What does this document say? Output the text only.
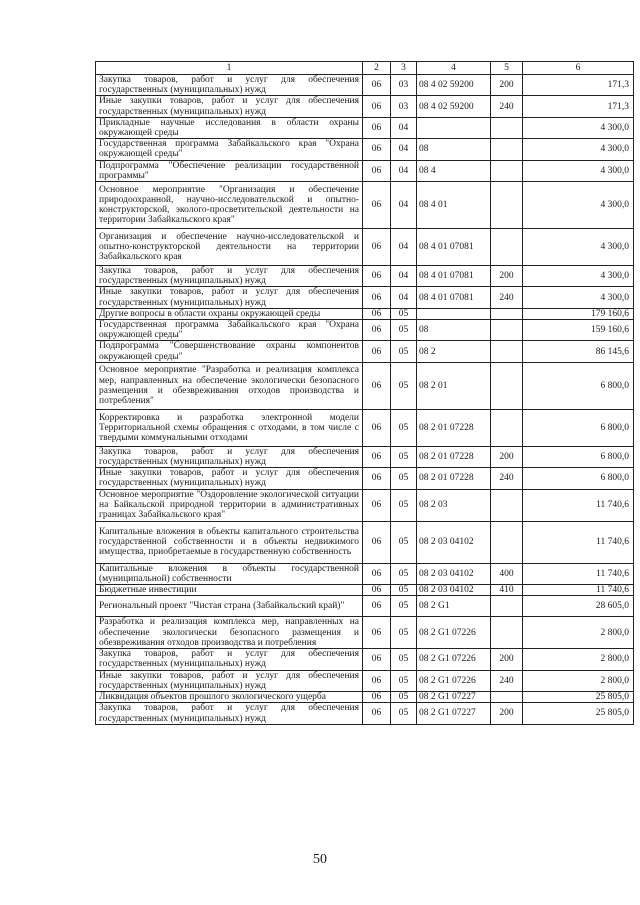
1	2	3	4	5	6
Закупка товаров, работ и услуг для обеспечения государственных (муниципальных) нужд	06	03	08 4 02 59200	200	171,3
Иные закупки товаров, работ и услуг для обеспечения государственных (муниципальных) нужд	06	03	08 4 02 59200	240	171,3
Прикладные научные исследования в области охраны окружающей среды	06	04			4 300,0
Государственная программа Забайкальского края "Охрана окружающей среды"	06	04	08		4 300,0
Подпрограмма "Обеспечение реализации государственной программы"	06	04	08 4		4 300,0
Основное мероприятие "Организация и обеспечение природоохранной, научно-исследовательской и опытно-конструкторской, эколого-просветительской деятельности на территории Забайкальского края"	06	04	08 4 01		4 300,0
Организация и обеспечение научно-исследовательской и опытно-конструкторской деятельности на территории Забайкальского края	06	04	08 4 01 07081		4 300,0
Закупка товаров, работ и услуг для обеспечения государственных (муниципальных) нужд	06	04	08 4 01 07081	200	4 300,0
Иные закупки товаров, работ и услуг для обеспечения государственных (муниципальных) нужд	06	04	08 4 01 07081	240	4 300,0
Другие вопросы в области охраны окружающей среды	06	05			179 160,6
Государственная программа Забайкальского края "Охрана окружающей среды"	06	05	08		159 160,6
Подпрограмма "Совершенствование охраны компонентов окружающей среды"	06	05	08 2		86 145,6
Основное мероприятие "Разработка и реализация комплекса мер, направленных на обеспечение экологически безопасного размещения и обезвреживания отходов производства и потребления"	06	05	08 2 01		6 800,0
Корректировка и разработка электронной модели Территориальной схемы обращения с отходами, в том числе с твердыми коммунальными отходами	06	05	08 2 01 07228		6 800,0
Закупка товаров, работ и услуг для обеспечения государственных (муниципальных) нужд	06	05	08 2 01 07228	200	6 800,0
Иные закупки товаров, работ и услуг для обеспечения государственных (муниципальных) нужд	06	05	08 2 01 07228	240	6 800,0
Основное мероприятие "Оздоровление экологической ситуации на Байкальской природной территории в административных границах Забайкальского края"	06	05	08 2 03		11 740,6
Капитальные вложения в объекты капитального строительства государственной собственности и в объекты недвижимого имущества, приобретаемые в государственную собственность	06	05	08 2 03 04102		11 740,6
Капитальные вложения в объекты государственной (муниципальной) собственности	06	05	08 2 03 04102	400	11 740,6
Бюджетные инвестиции	06	05	08 2 03 04102	410	11 740,6
Региональный проект "Чистая страна (Забайкальский край)"	06	05	08 2 G1		28 605,0
Разработка и реализация комплекса мер, направленных на обеспечение экологически безопасного размещения и обезвреживания отходов производства и потребления	06	05	08 2 G1 07226		2 800,0
Закупка товаров, работ и услуг для обеспечения государственных (муниципальных) нужд	06	05	08 2 G1 07226	200	2 800,0
Иные закупки товаров, работ и услуг для обеспечения государственных (муниципальных) нужд	06	05	08 2 G1 07226	240	2 800,0
Ликвидация объектов прошлого экологического ущерба	06	05	08 2 G1 07227		25 805,0
Закупка товаров, работ и услуг для обеспечения государственных (муниципальных) нужд	06	05	08 2 G1 07227	200	25 805,0
50
